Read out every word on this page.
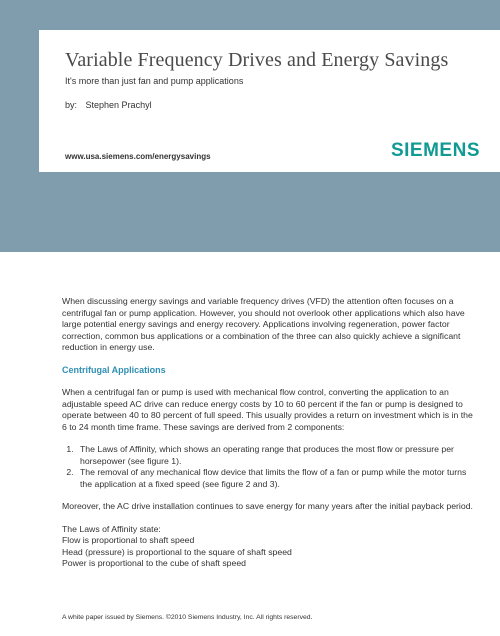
Variable Frequency Drives and Energy Savings
It's more than just fan and pump applications
by: Stephen Prachyl
www.usa.siemens.com/energysavings	SIEMENS

When discussing energy savings and variable frequency drives (VFD) the attention often focuses on a centrifugal fan or pump application. However, you should not overlook other applications which also have large potential energy savings and energy recovery. Applications involving regeneration, power factor correction, common bus applications or a combination of the three can also quickly achieve a significant reduction in energy use.

Centrifugal Applications

When a centrifugal fan or pump is used with mechanical flow control, converting the application to an adjustable speed AC drive can reduce energy costs by 10 to 60 percent if the fan or pump is designed to operate between 40 to 80 percent of full speed. This usually provides a return on investment which is in the 6 to 24 month time frame. These savings are derived from 2 components:

1. The Laws of Affinity, which shows an operating range that produces the most flow or pressure per horsepower (see figure 1).
2. The removal of any mechanical flow device that limits the flow of a fan or pump while the motor turns the application at a fixed speed (see figure 2 and 3).

Moreover, the AC drive installation continues to save energy for many years after the initial payback period.

The Laws of Affinity state:
Flow is proportional to shaft speed
Head (pressure) is proportional to the square of shaft speed
Power is proportional to the cube of shaft speed

A white paper issued by Siemens. ©2010 Siemens Industry, Inc. All rights reserved.
